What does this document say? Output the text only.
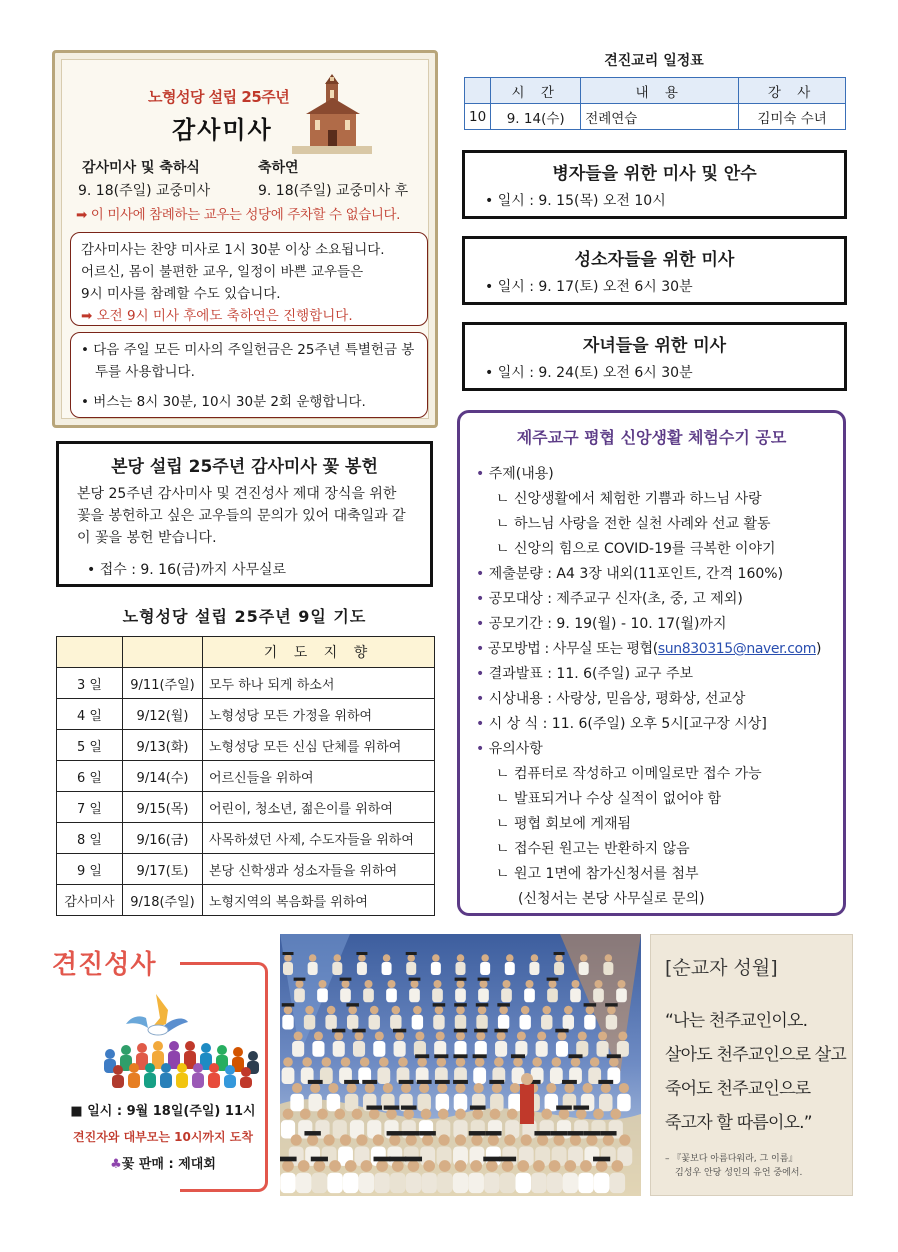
노형성당 설립 25주년
감사미사
감사미사 및 축하식
9. 18(주일) 교중미사
축하연
9. 18(주일) 교중미사 후
➡ 이 미사에 참례하는 교우는 성당에 주차할 수 없습니다.
감사미사는 찬양 미사로 1시 30분 이상 소요됩니다.
어르신, 몸이 불편한 교우, 일정이 바쁜 교우들은
9시 미사를 참례할 수도 있습니다.
➡ 오전 9시 미사 후에도 축하연은 진행합니다.
• 다음 주일 모든 미사의 주일헌금은 25주년 특별헌금 봉투를 사용합니다.
• 버스는 8시 30분, 10시 30분 2회 운행합니다.
본당 설립 25주년 감사미사 꽃 봉헌
본당 25주년 감사미사 및 견진성사 제대 장식을 위한 꽃을 봉헌하고 싶은 교우들의 문의가 있어 대축일과 같이 꽃을 봉헌 받습니다.
• 접수 : 9. 16(금)까지 사무실로
노형성당 설립 25주년 9일 기도
		기 도 지 향
3 일	9/11(주일)	모두 하나 되게 하소서
4 일	9/12(월)	노형성당 모든 가정을 위하여
5 일	9/13(화)	노형성당 모든 신심 단체를 위하여
6 일	9/14(수)	어르신들을 위하여
7 일	9/15(목)	어린이, 청소년, 젊은이를 위하여
8 일	9/16(금)	사목하셨던 사제, 수도자들을 위하여
9 일	9/17(토)	본당 신학생과 성소자들을 위하여
감사미사	9/18(주일)	노형지역의 복음화를 위하여
견진교리 일정표
	시 간	내 용	강 사
10	9. 14(수)	전례연습	김미숙 수녀
병자들을 위한 미사 및 안수
• 일시 : 9. 15(목) 오전 10시
성소자들을 위한 미사
• 일시 : 9. 17(토) 오전 6시 30분
자녀들을 위한 미사
• 일시 : 9. 24(토) 오전 6시 30분
제주교구 평협 신앙생활 체험수기 공모
• 주제(내용)
ㄴ 신앙생활에서 체험한 기쁨과 하느님 사랑
ㄴ 하느님 사랑을 전한 실천 사례와 선교 활동
ㄴ 신앙의 힘으로 COVID-19를 극복한 이야기
• 제출분량 : A4 3장 내외(11포인트, 간격 160%)
• 공모대상 : 제주교구 신자(초, 중, 고 제외)
• 공모기간 : 9. 19(월) - 10. 17(월)까지
• 공모방법 : 사무실 또는 평협(sun830315@naver.com)
• 결과발표 : 11. 6(주일) 교구 주보
• 시상내용 : 사랑상, 믿음상, 평화상, 선교상
• 시 상 식 : 11. 6(주일) 오후 5시[교구장 시상]
• 유의사항
ㄴ 컴퓨터로 작성하고 이메일로만 접수 가능
ㄴ 발표되거나 수상 실적이 없어야 함
ㄴ 평협 회보에 게재됨
ㄴ 접수된 원고는 반환하지 않음
ㄴ 원고 1면에 참가신청서를 첨부
(신청서는 본당 사무실로 문의)
견진성사
■ 일시 : 9월 18일(주일) 11시
견진자와 대부모는 10시까지 도착
♣꽃 판매 : 제대회
[순교자 성월]
“나는 천주교인이오.
살아도 천주교인으로 살고
죽어도 천주교인으로
죽고자 할 따름이오.”
– 『꽃보다 아름다워라, 그 이름』
김성우 안당 성인의 유언 중에서.
